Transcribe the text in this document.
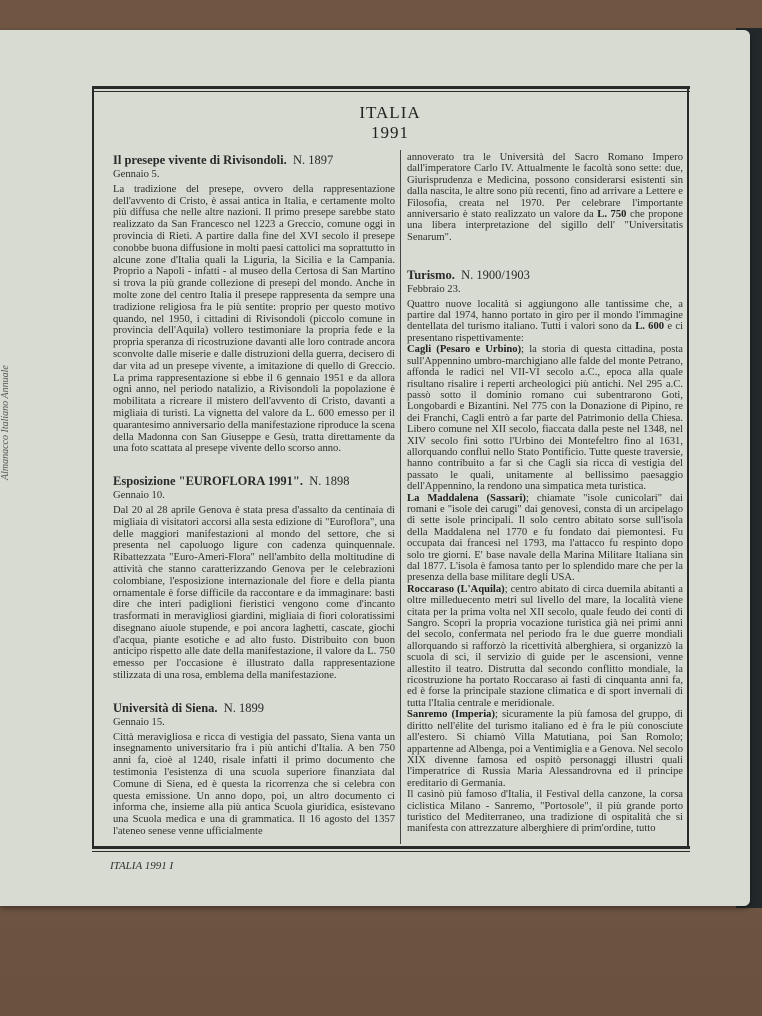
Almanacco Italiano Annuale
ITALIA
1991
Il presepe vivente di Rivisondoli. N. 1897
Gennaio 5.

La tradizione del presepe, ovvero della rappresentazione dell'avvento di Cristo, è assai antica in Italia, e certamente molto più diffusa che nelle altre nazioni. Il primo presepe sarebbe stato realizzato da San Francesco nel 1223 a Greccio, comune oggi in provincia di Rieti. A partire dalla fine del XVI secolo il presepe conobbe buona diffusione in molti paesi cattolici ma soprattutto in alcune zone d'Italia quali la Liguria, la Sicilia e la Campania. Proprio a Napoli - infatti - al museo della Certosa di San Martino si trova la più grande collezione di presepi del mondo. Anche in molte zone del centro Italia il presepe rappresenta da sempre una tradizione religiosa fra le più sentite: proprio per questo motivo quando, nel 1950, i cittadini di Rivisondoli (piccolo comune in provincia dell'Aquila) vollero testimoniare la propria fede e la propria speranza di ricostruzione davanti alle loro contrade ancora sconvolte dalle miserie e dalle distruzioni della guerra, decisero di dar vita ad un presepe vivente, a imitazione di quello di Greccio. La prima rappresentazione si ebbe il 6 gennaio 1951 e da allora ogni anno, nel periodo natalizio, a Rivisondoli la popolazione è mobilitata a ricreare il mistero dell'avvento di Cristo, davanti a migliaia di turisti. La vignetta del valore da L. 600 emesso per il quarantesimo anniversario della manifestazione riproduce la scena della Madonna con San Giuseppe e Gesù, tratta direttamente da una foto scattata al presepe vivente dello scorso anno.

Esposizione "EUROFLORA 1991". N. 1898
Gennaio 10.

Dal 20 al 28 aprile Genova è stata presa d'assalto da centinaia di migliaia di visitatori accorsi alla sesta edizione di "Euroflora", una delle maggiori manifestazioni al mondo del settore, che si presenta nel capoluogo ligure con cadenza quinquennale. Ribattezzata "Euro-Ameri-Flora" nell'ambito della moltitudine di attività che stanno caratterizzando Genova per le celebrazioni colombiane, l'esposizione internazionale del fiore e della pianta ornamentale è forse difficile da raccontare e da immaginare: basti dire che interi padiglioni fieristici vengono come d'incanto trasformati in meravigliosi giardini, migliaia di fiori coloratissimi disegnano aiuole stupende, e poi ancora laghetti, cascate, giochi d'acqua, piante esotiche e ad alto fusto. Distribuito con buon anticipo rispetto alle date della manifestazione, il valore da L. 750 emesso per l'occasione è illustrato dalla rappresentazione stilizzata di una rosa, emblema della manifestazione.

Università di Siena. N. 1899
Gennaio 15.

Città meravigliosa e ricca di vestigia del passato, Siena vanta un insegnamento universitario fra i più antichi d'Italia. A ben 750 anni fa, cioè al 1240, risale infatti il primo documento che testimonia l'esistenza di una scuola superiore finanziata dal Comune di Siena, ed è questa la ricorrenza che si celebra con questa emissione. Un anno dopo, poi, un altro documento ci informa che, insieme alla più antica Scuola giuridica, esistevano una Scuola medica e una di grammatica. Il 16 agosto del 1357 l'ateneo senese venne ufficialmente

annoverato tra le Università del Sacro Romano Impero dall'imperatore Carlo IV. Attualmente le facoltà sono sette: due, Giurisprudenza e Medicina, possono considerarsi esistenti sin dalla nascita, le altre sono più recenti, fino ad arrivare a Lettere e Filosofia, creata nel 1970. Per celebrare l'importante anniversario è stato realizzato un valore da L. 750 che propone una libera interpretazione del sigillo dell' "Universitatis Senarum".

Turismo. N. 1900/1903
Febbraio 23.

Quattro nuove località si aggiungono alle tantissime che, a partire dal 1974, hanno portato in giro per il mondo l'immagine dentellata del turismo italiano. Tutti i valori sono da L. 600 e ci presentano rispettivamente:

Cagli (Pesaro e Urbino); la storia di questa cittadina, posta sull'Appennino umbro-marchigiano alle falde del monte Petrano, affonda le radici nel VII-VI secolo a.C., epoca alla quale risultano risalire i reperti archeologici più antichi. Nel 295 a.C. passò sotto il dominio romano cui subentrarono Goti, Longobardi e Bizantini. Nel 775 con la Donazione di Pipino, re dei Franchi, Cagli entrò a far parte del Patrimonio della Chiesa. Libero comune nel XII secolo, fiaccata dalla peste nel 1348, nel XIV secolo finì sotto l'Urbino dei Montefeltro fino al 1631, allorquando confluì nello Stato Pontificio. Tutte queste traversie, hanno contribuito a far sì che Cagli sia ricca di vestigia del passato le quali, unitamente al bellissimo paesaggio dell'Appennino, la rendono una simpatica meta turistica.

La Maddalena (Sassari); chiamate "isole cunicolari" dai romani e "isole dei carugi" dai genovesi, consta di un arcipelago di sette isole principali. Il solo centro abitato sorse sull'isola della Maddalena nel 1770 e fu fondato dai piemontesi. Fu occupata dai francesi nel 1793, ma l'attacco fu respinto dopo solo tre giorni. E' base navale della Marina Militare Italiana sin dal 1877. L'isola è famosa tanto per lo splendido mare che per la presenza della base militare degli USA.

Roccaraso (L'Aquila); centro abitato di circa duemila abitanti a oltre milleduecento metri sul livello del mare, la località viene citata per la prima volta nel XII secolo, quale feudo dei conti di Sangro. Scoprì la propria vocazione turistica già nei primi anni del secolo, confermata nel periodo fra le due guerre mondiali allorquando si rafforzò la ricettività alberghiera, si organizzò la scuola di sci, il servizio di guide per le ascensioni, venne allestito il teatro. Distrutta dal secondo conflitto mondiale, la ricostruzione ha portato Roccaraso ai fasti di cinquanta anni fa, ed è forse la principale stazione climatica e di sport invernali di tutta l'Italia centrale e meridionale.

Sanremo (Imperia); sicuramente la più famosa del gruppo, di diritto nell'élite del turismo italiano ed è fra le più conosciute all'estero. Si chiamò Villa Matutiana, poi San Romolo; appartenne ad Albenga, poi a Ventimiglia e a Genova. Nel secolo XIX divenne famosa ed ospitò personaggi illustri quali l'imperatrice di Russia Maria Alessandrovna ed il principe ereditario di Germania.

Il casinò più famoso d'Italia, il Festival della canzone, la corsa ciclistica Milano - Sanremo, "Portosole", il più grande porto turistico del Mediterraneo, una tradizione di ospitalità che si manifesta con attrezzature alberghiere di prim'ordine, tutto

ITALIA 1991 I
